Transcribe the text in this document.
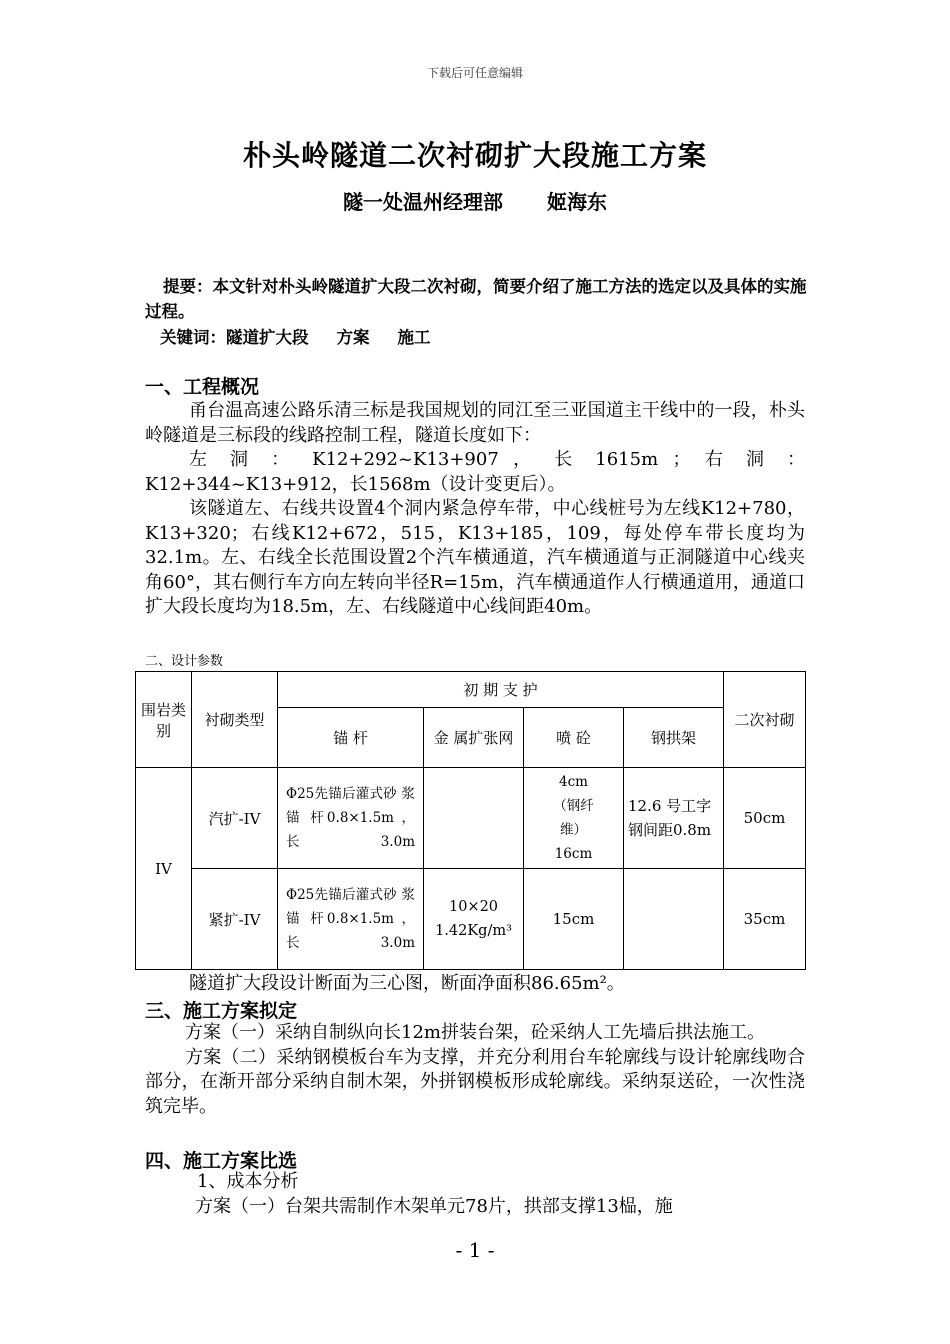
下载后可任意编辑
朴头岭隧道二次衬砌扩大段施工方案
隧一处温州经理部 姬海东
提要：本文针对朴头岭隧道扩大段二次衬砌，简要介绍了施工方法的选定以及具体的实施过程。
关键词：隧道扩大段 方案 施工
一、工程概况

甬台温高速公路乐清三标是我国规划的同江至三亚国道主干线中的一段，朴头岭隧道是三标段的线路控制工程，隧道长度如下：

左 洞 ： K12+292~K13+907 ， 长 1615m ； 右 洞 ： K12+344~K13+912，长1568m（设计变更后）。

该隧道左、右线共设置4个洞内紧急停车带，中心线桩号为左线K12+780，K13+320；右线K12+672，515，K13+185，109，每处停车带长度均为32.1m。左、右线全长范围设置2个汽车横通道，汽车横通道与正洞隧道中心线夹角60°，其右侧行车方向左转向半径R=15m，汽车横通道作人行横通道用，通道口扩大段长度均为18.5m，左、右线隧道中心线间距40m。

二、设计参数
围岩类别	衬砌类型	初 期 支 护				二次衬砌
		锚 杆	金 属扩张网	喷 砼	钢拱架	
IV	汽扩-IV	Φ25先锚后灌式砂 浆 锚 杆0.8×1.5m ， 长3.0m		4cm（钢纤维）16cm	12.6 号工字钢间距0.8m	50cm
	紧扩-IV	Φ25先锚后灌式砂 浆 锚 杆0.8×1.5m ， 长3.0m	10×20 1.42Kg/m³	15cm		35cm

隧道扩大段设计断面为三心图，断面净面积86.65m²。

三、施工方案拟定

方案（一）采纳自制纵向长12m拼装台架，砼采纳人工先墙后拱法施工。

方案（二）采纳钢模板台车为支撑，并充分利用台车轮廓线与设计轮廓线吻合部分，在渐开部分采纳自制木架，外拼钢模板形成轮廓线。采纳泵送砼，一次性浇筑完毕。

四、施工方案比选

1、成本分析

方案（一）台架共需制作木架单元78片，拱部支撑13榀，施

- 1 -
